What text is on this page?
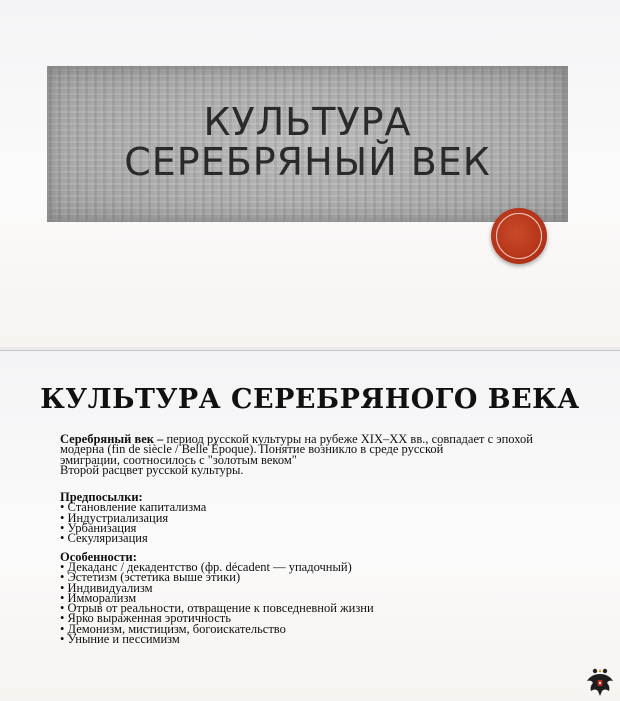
КУЛЬТУРА
СЕРЕБРЯНЫЙ ВЕК
КУЛЬТУРА СЕРЕБРЯНОГО ВЕКА

Серебряный век – период русской культуры на рубеже XIX–XX вв., совпадает с эпохой

модерна (fin de siècle / Belle Époque). Понятие возникло в среде русской

эмиграции, соотносилось с "золотым веком"

Второй расцвет русской культуры.

Предпосылки:

• Становление капитализма
• Индустриализация
• Урбанизация
• Секуляризация

Особенности:

• Декаданс / декадентство (фр. décadent — упадочный)
• Эстетизм (эстетика выше этики)
• Индивидуализм
• Имморализм
• Отрыв от реальности, отвращение к повседневной жизни
• Ярко выраженная эротичность
• Демонизм, мистицизм, богоискательство
• Уныние и пессимизм
